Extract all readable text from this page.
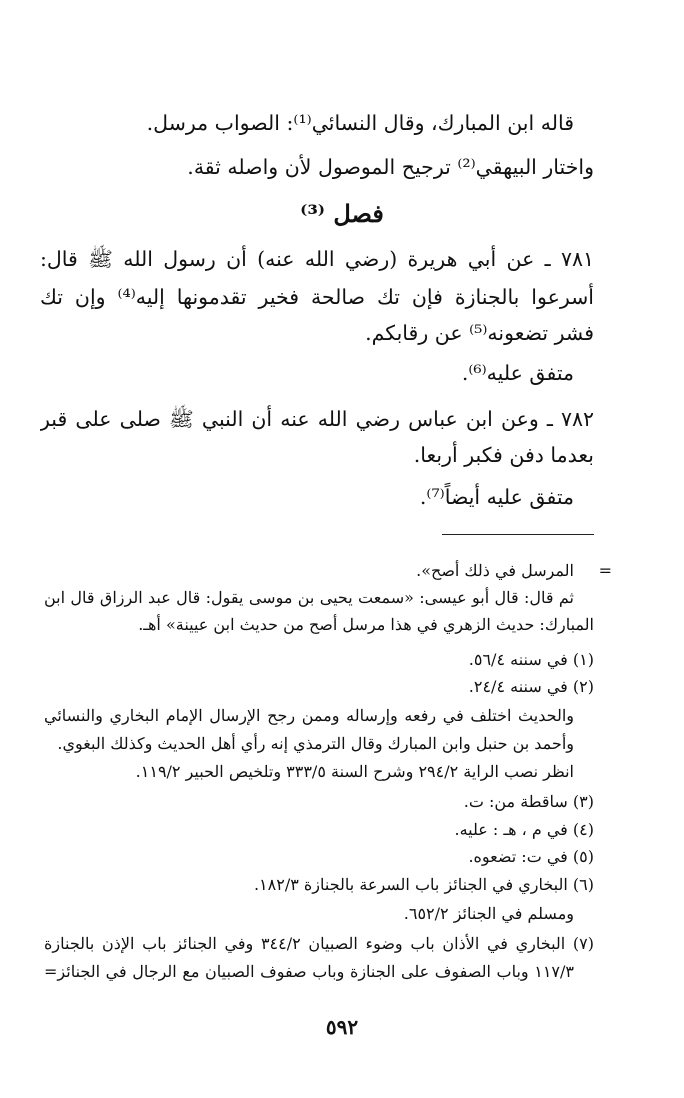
قاله ابن المبارك، وقال النسائي⁽¹⁾: الصواب مرسل.
واختار البيهقي⁽²⁾ ترجيح الموصول لأن واصله ثقة.
فصل ⁽³⁾
٧٨١ ـ عن أبي هريرة (رضي الله عنه) أن رسول الله ﷺ قال:
أسرعوا بالجنازة فإن تك صالحة فخير تقدمونها إليه⁽⁴⁾ وإن تك
فشر تضعونه⁽⁵⁾ عن رقابكم.
متفق عليه⁽⁶⁾.
٧٨٢ ـ وعن ابن عباس رضي الله عنه أن النبي ﷺ صلى على قبر
بعدما دفن فكبر أربعا.
متفق عليه أيضاً⁽⁷⁾.
=
المرسل في ذلك أصح».
ثم قال: قال أبو عيسى: «سمعت يحيى بن موسى يقول: قال عبد الرزاق قال ابن
المبارك: حديث الزهري في هذا مرسل أصح من حديث ابن عيينة» أهـ.
(١) في سننه ٥٦/٤.
(٢) في سننه ٢٤/٤.
والحديث اختلف في رفعه وإرساله وممن رجح الإرسال الإمام البخاري والنسائي
وأحمد بن حنبل وابن المبارك وقال الترمذي إنه رأي أهل الحديث وكذلك البغوي.
انظر نصب الراية ٢٩٤/٢ وشرح السنة ٣٣٣/٥ وتلخيص الحبير ١١٩/٢.
(٣) ساقطة من: ت.
(٤) في م ، هـ : عليه.
(٥) في ت: تضعوه.
(٦) البخاري في الجنائز باب السرعة بالجنازة ١٨٢/٣.
ومسلم في الجنائز ٦٥٢/٢.
(٧) البخاري في الأذان باب وضوء الصبيان ٣٤٤/٢ وفي الجنائز باب الإذن بالجنازة
١١٧/٣ وباب الصفوف على الجنازة وباب صفوف الصبيان مع الرجال في الجنائز=
٥٩٢
